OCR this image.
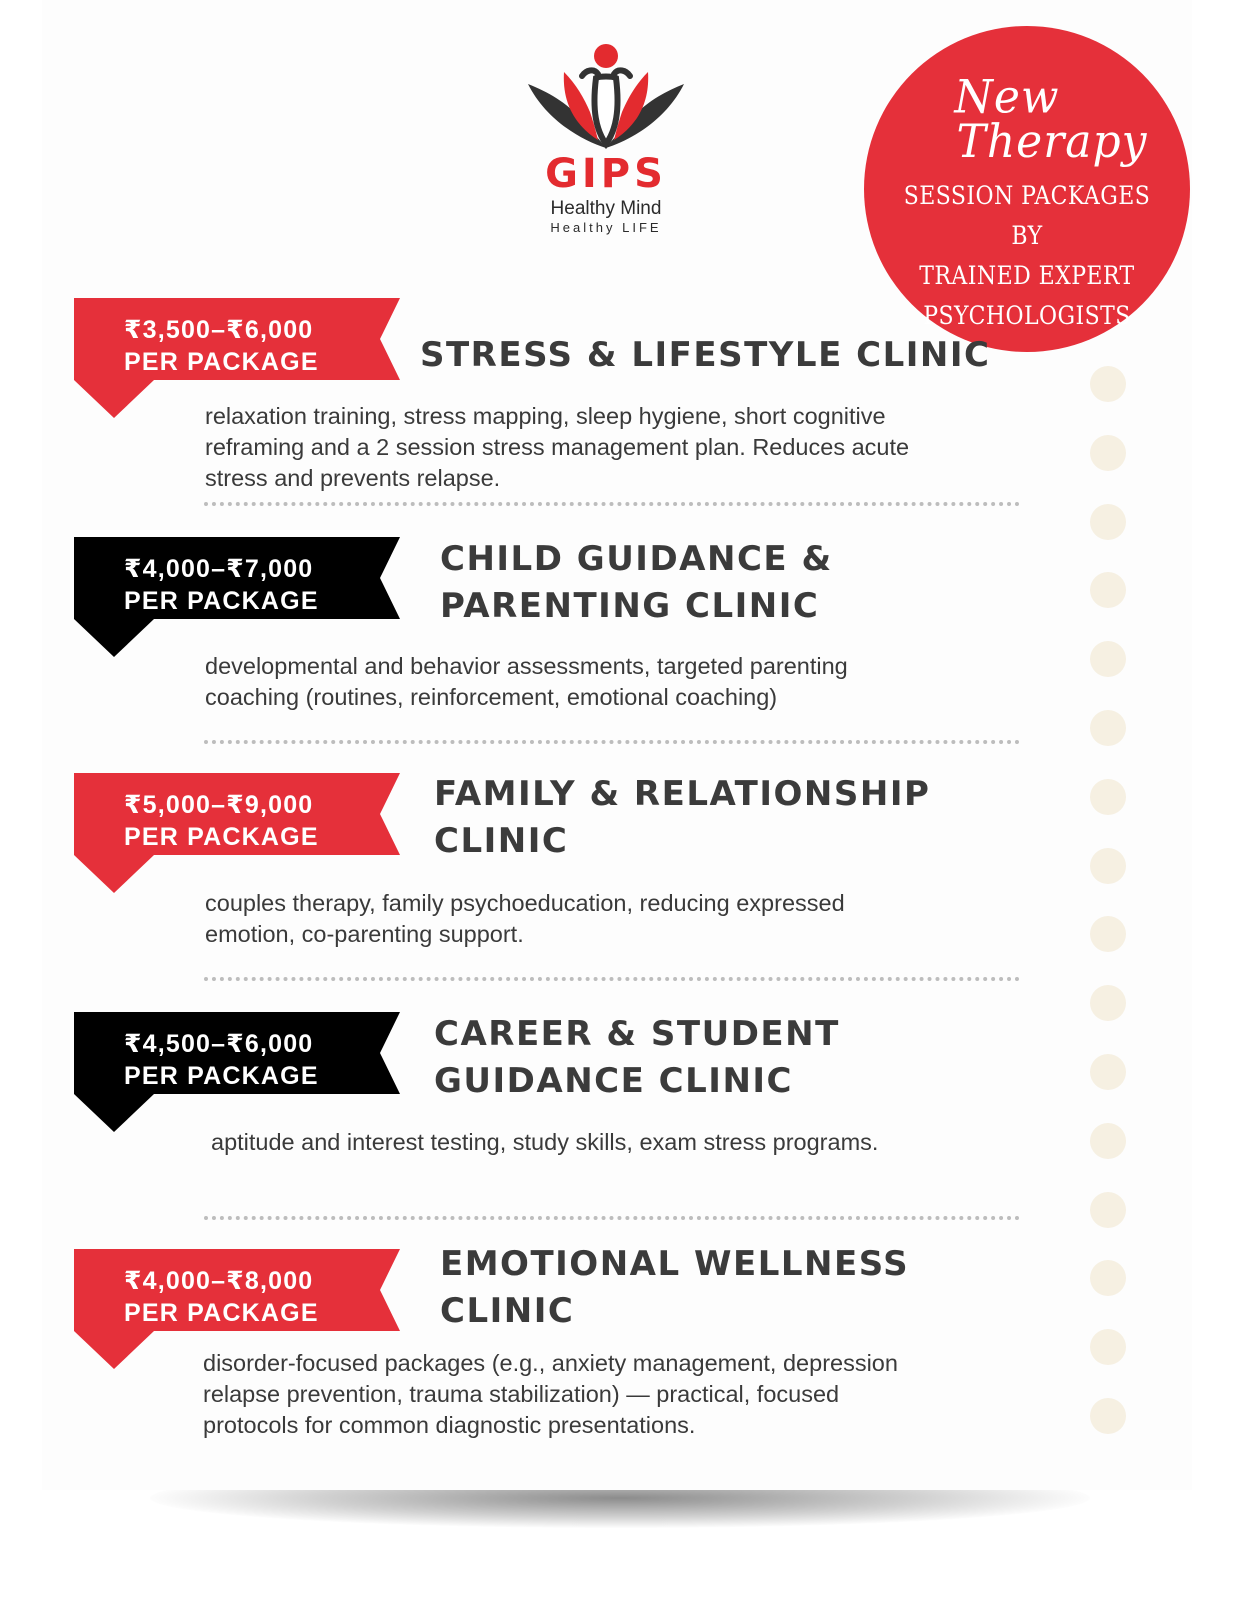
GIPS
Healthy Mind
Healthy LIFE
New
Therapy
SESSION PACKAGES BY
TRAINED EXPERT
PSYCHOLOGISTS
₹3,500–₹6,000
PER PACKAGE	STRESS & LIFESTYLE CLINIC
relaxation training, stress mapping, sleep hygiene, short cognitive
reframing and a 2 session stress management plan. Reduces acute
stress and prevents relapse.
₹4,000–₹7,000
PER PACKAGE
CHILD GUIDANCE &
PARENTING CLINIC
developmental and behavior assessments, targeted parenting
coaching (routines, reinforcement, emotional coaching)
₹5,000–₹9,000
PER PACKAGE
FAMILY & RELATIONSHIP
CLINIC
couples therapy, family psychoeducation, reducing expressed
emotion, co-parenting support.
₹4,500–₹6,000
PER PACKAGE
CAREER & STUDENT
GUIDANCE CLINIC
aptitude and interest testing, study skills, exam stress programs.
₹4,000–₹8,000
PER PACKAGE
EMOTIONAL WELLNESS
CLINIC
disorder-focused packages (e.g., anxiety management, depression
relapse prevention, trauma stabilization) — practical, focused
protocols for common diagnostic presentations.
